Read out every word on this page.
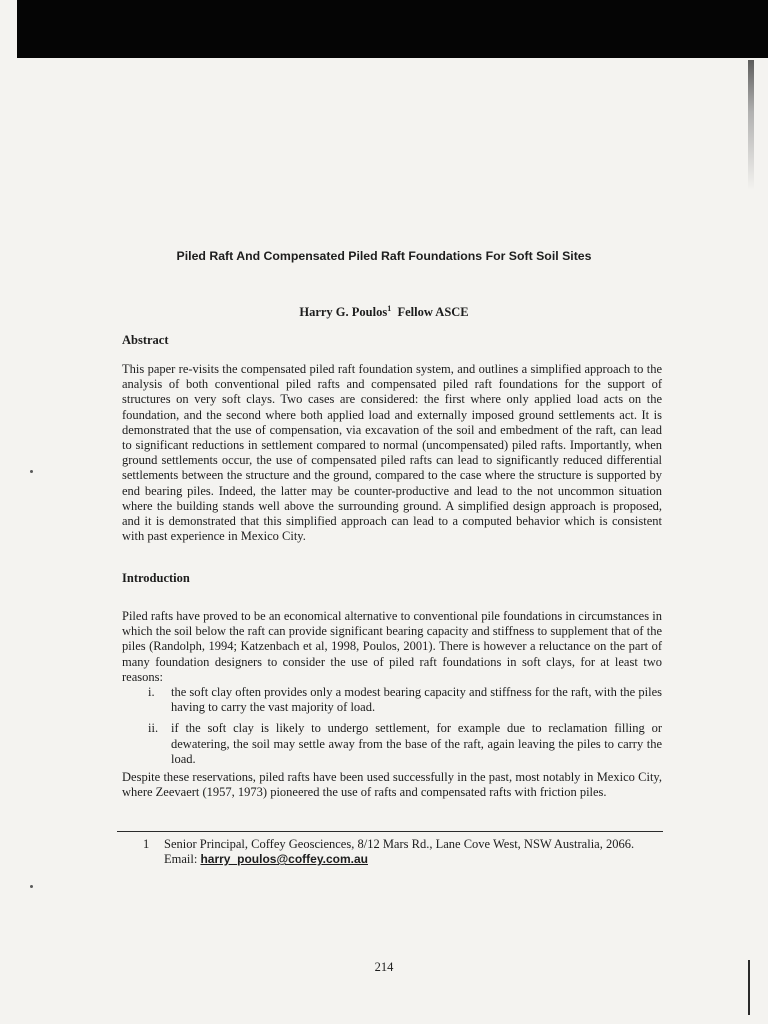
Piled Raft And Compensated Piled Raft Foundations For Soft Soil Sites
Harry G. Poulos$^1$ Fellow ASCE
Abstract

This paper re-visits the compensated piled raft foundation system, and outlines a simplified approach to the analysis of both conventional piled rafts and compensated piled raft foundations for the support of structures on very soft clays. Two cases are considered: the first where only applied load acts on the foundation, and the second where both applied load and externally imposed ground settlements act. It is demonstrated that the use of compensation, via excavation of the soil and embedment of the raft, can lead to significant reductions in settlement compared to normal (uncompensated) piled rafts. Importantly, when ground settlements occur, the use of compensated piled rafts can lead to significantly reduced differential settlements between the structure and the ground, compared to the case where the structure is supported by end bearing piles. Indeed, the latter may be counter-productive and lead to the not uncommon situation where the building stands well above the surrounding ground. A simplified design approach is proposed, and it is demonstrated that this simplified approach can lead to a computed behavior which is consistent with past experience in Mexico City.

Introduction

Piled rafts have proved to be an economical alternative to conventional pile foundations in circumstances in which the soil below the raft can provide significant bearing capacity and stiffness to supplement that of the piles (Randolph, 1994; Katzenbach et al, 1998, Poulos, 2001). There is however a reluctance on the part of many foundation designers to consider the use of piled raft foundations in soft clays, for at least two reasons:

i. the soft clay often provides only a modest bearing capacity and stiffness for the raft, with the piles having to carry the vast majority of load.
ii. if the soft clay is likely to undergo settlement, for example due to reclamation filling or dewatering, the soil may settle away from the base of the raft, again leaving the piles to carry the load.

Despite these reservations, piled rafts have been used successfully in the past, most notably in Mexico City, where Zeevaert (1957, 1973) pioneered the use of rafts and compensated rafts with friction piles.

1 Senior Principal, Coffey Geosciences, 8/12 Mars Rd., Lane Cove West, NSW Australia, 2066. Email: harry_poulos@coffey.com.au
214
